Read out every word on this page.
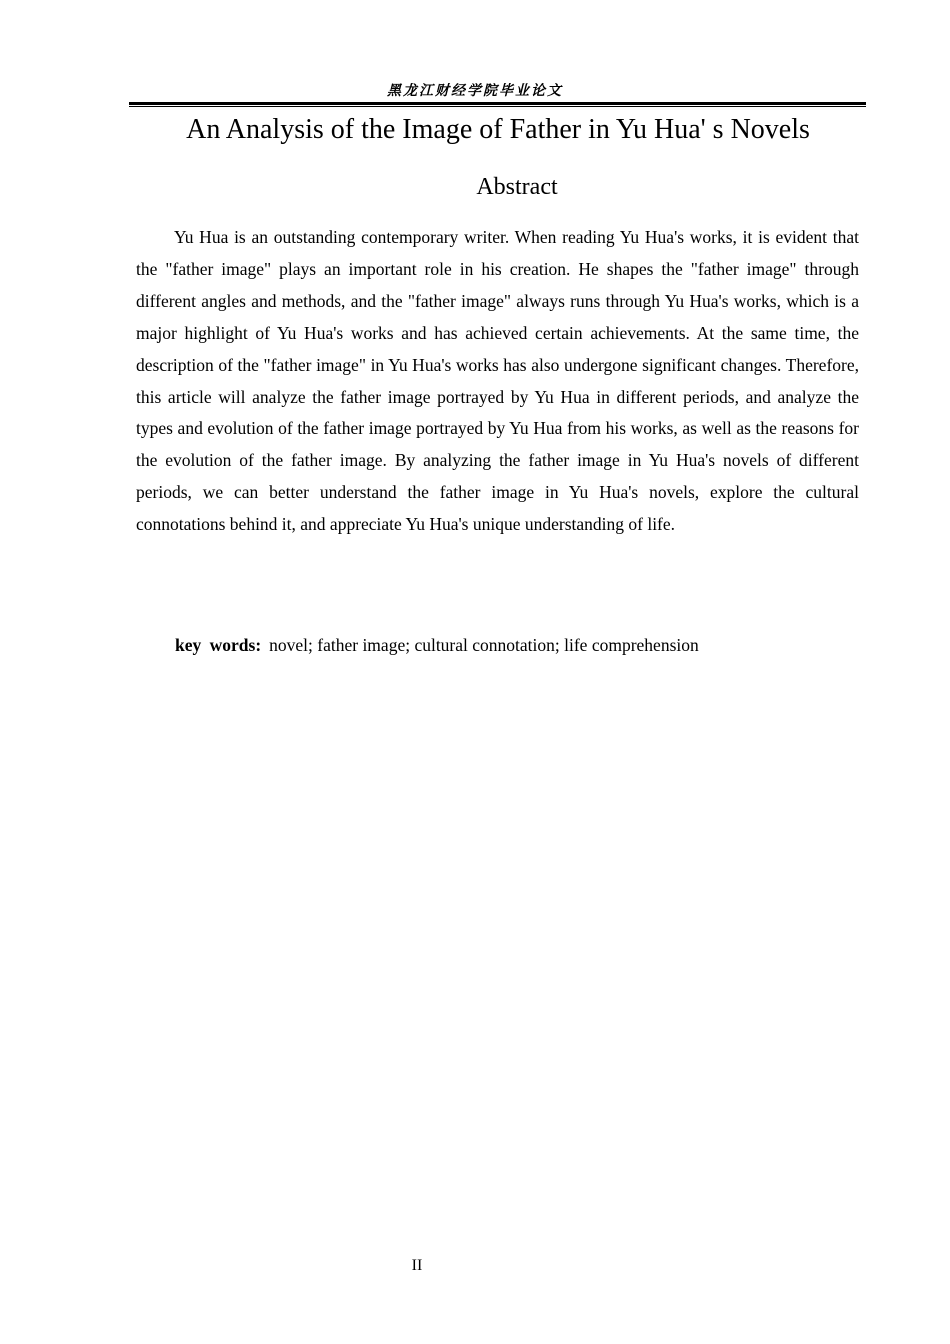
黑龙江财经学院毕业论文
An Analysis of the Image of Father in Yu Hua' s Novels
Abstract

Yu Hua is an outstanding contemporary writer. When reading Yu Hua's works, it is evident that the "father image" plays an important role in his creation. He shapes the "father image" through different angles and methods, and the "father image" always runs through Yu Hua's works, which is a major highlight of Yu Hua's works and has achieved certain achievements. At the same time, the description of the "father image" in Yu Hua's works has also undergone significant changes. Therefore, this article will analyze the father image portrayed by Yu Hua in different periods, and analyze the types and evolution of the father image portrayed by Yu Hua from his works, as well as the reasons for the evolution of the father image. By analyzing the father image in Yu Hua's novels of different periods, we can better understand the father image in Yu Hua's novels, explore the cultural connotations behind it, and appreciate Yu Hua's unique understanding of life.

key words: novel; father image; cultural connotation; life comprehension
II
